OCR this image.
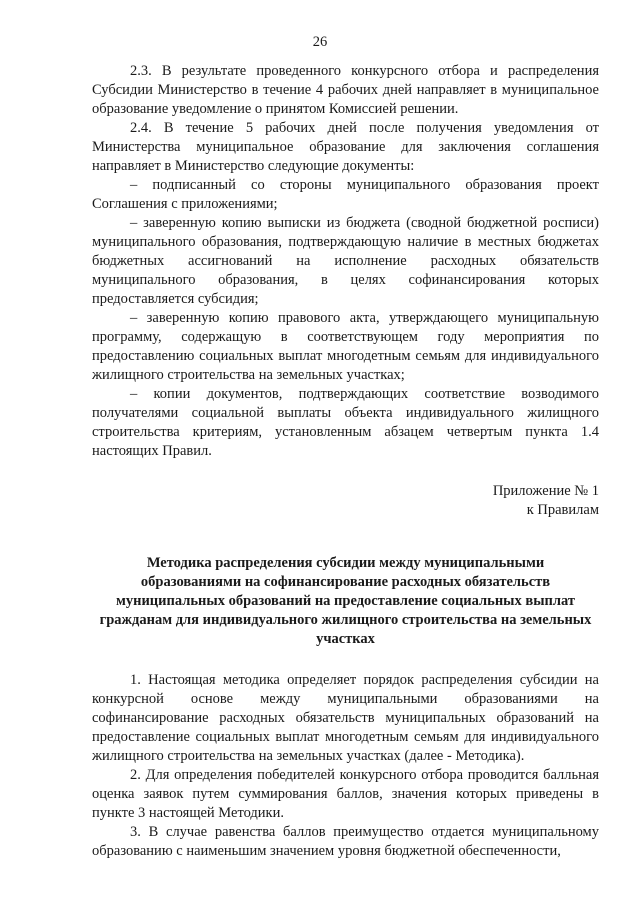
26

2.3. В результате проведенного конкурсного отбора и распределения Субсидии Министерство в течение 4 рабочих дней направляет в муниципальное образование уведомление о принятом Комиссией решении.

2.4. В течение 5 рабочих дней после получения уведомления от Министерства муниципальное образование для заключения соглашения направляет в Министерство следующие документы:

– подписанный со стороны муниципального образования проект Соглашения с приложениями;

– заверенную копию выписки из бюджета (сводной бюджетной росписи) муниципального образования, подтверждающую наличие в местных бюджетах бюджетных ассигнований на исполнение расходных обязательств муниципального образования, в целях софинансирования которых предоставляется субсидия;

– заверенную копию правового акта, утверждающего муниципальную программу, содержащую в соответствующем году мероприятия по предоставлению социальных выплат многодетным семьям для индивидуального жилищного строительства на земельных участках;

– копии документов, подтверждающих соответствие возводимого получателями социальной выплаты объекта индивидуального жилищного строительства критериям, установленным абзацем четвертым пункта 1.4 настоящих Правил.

Приложение № 1
к Правилам

Методика распределения субсидии между муниципальными образованиями на софинансирование расходных обязательств муниципальных образований на предоставление социальных выплат гражданам для индивидуального жилищного строительства на земельных участках

1. Настоящая методика определяет порядок распределения субсидии на конкурсной основе между муниципальными образованиями на софинансирование расходных обязательств муниципальных образований на предоставление социальных выплат многодетным семьям для индивидуального жилищного строительства на земельных участках (далее - Методика).

2. Для определения победителей конкурсного отбора проводится балльная оценка заявок путем суммирования баллов, значения которых приведены в пункте 3 настоящей Методики.

3. В случае равенства баллов преимущество отдается муниципальному образованию с наименьшим значением уровня бюджетной обеспеченности,
